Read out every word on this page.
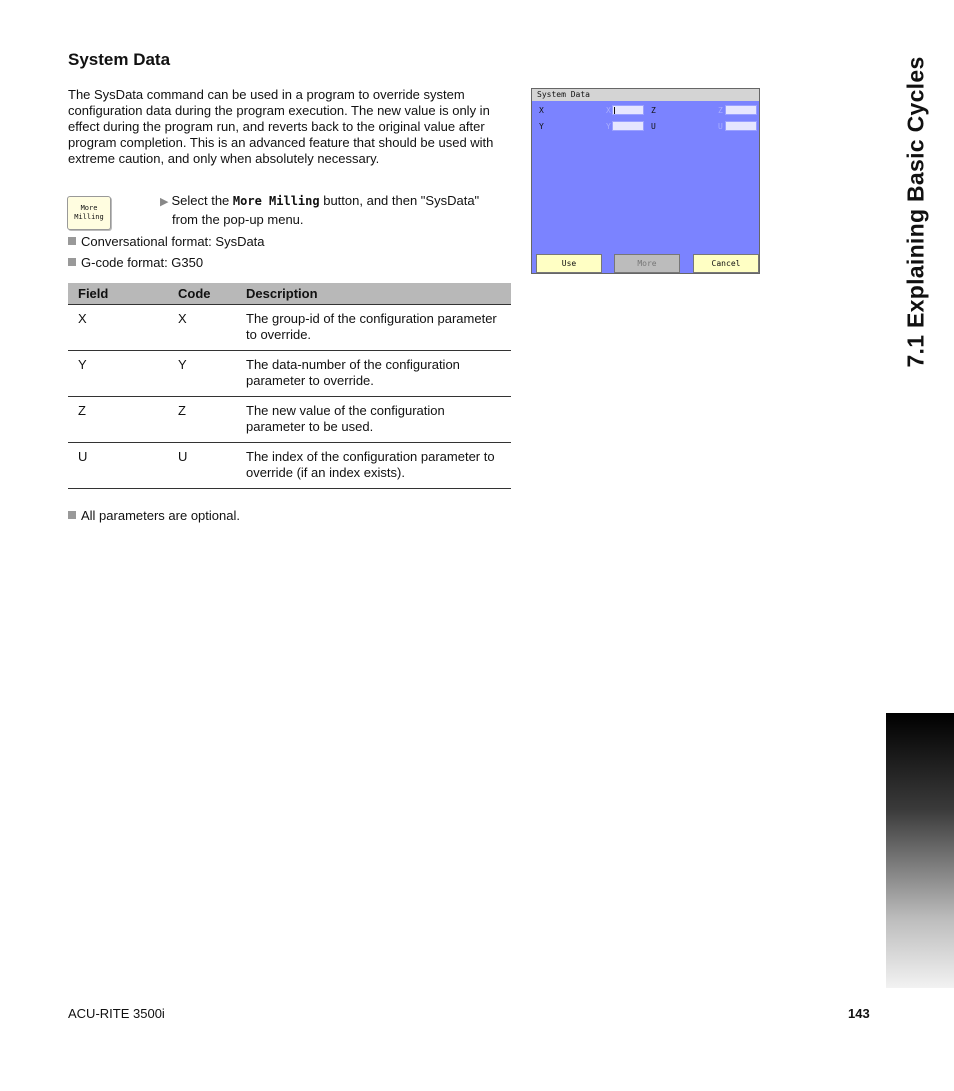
System Data

The SysData command can be used in a program to override system configuration data during the program execution. The new value is only in effect during the program run, and reverts back to the original value after program completion. This is an advanced feature that should be used with extreme caution, and only when absolutely necessary.

More
Milling
▶ Select the More Milling button, and then "SysData"
from the pop-up menu.
Conversational format: SysData
G-code format: G350
Field	Code	Description
X	X	The group-id of the configuration parameter to override.
Y	Y	The data-number of the configuration parameter to override.
Z	Z	The new value of the configuration parameter to be used.
U	U	The index of the configuration parameter to override (if an index exists).
All parameters are optional.
System Data
X	X	Z	Z
Y	Y	U	U
Use	More	Cancel	7.1 Explaining Basic Cycles
ACU-RITE 3500i	143
